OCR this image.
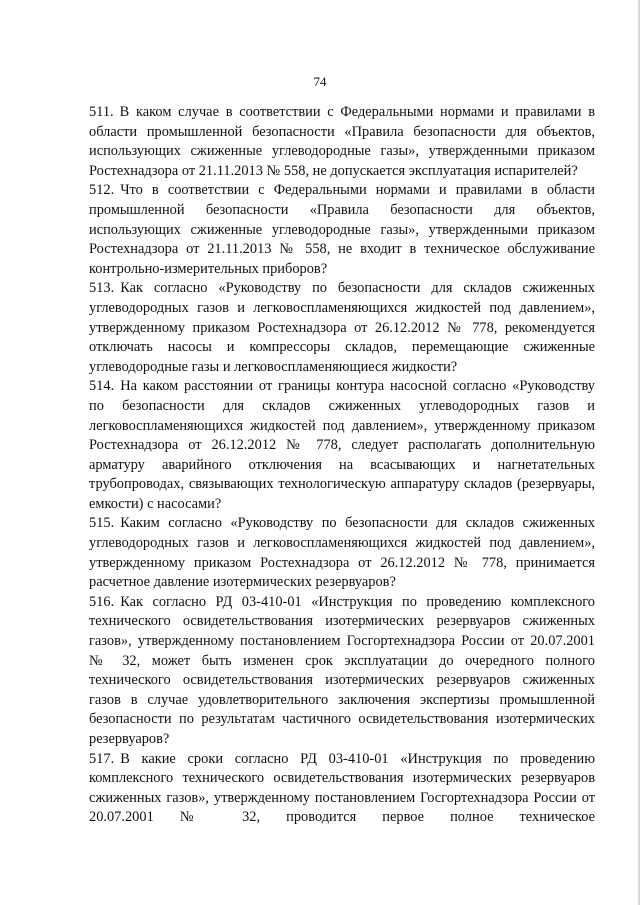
74

511. В каком случае в соответствии с Федеральными нормами и правилами в области промышленной безопасности «Правила безопасности для объектов, использующих сжиженные углеводородные газы», утвержденными приказом Ростехнадзора от 21.11.2013 № 558, не допускается эксплуатация испарителей?

512. Что в соответствии с Федеральными нормами и правилами в области промышленной безопасности «Правила безопасности для объектов, использующих сжиженные углеводородные газы», утвержденными приказом Ростехнадзора от 21.11.2013 № 558, не входит в техническое обслуживание контрольно-измерительных приборов?

513. Как согласно «Руководству по безопасности для складов сжиженных углеводородных газов и легковоспламеняющихся жидкостей под давлением», утвержденному приказом Ростехнадзора от 26.12.2012 № 778, рекомендуется отключать насосы и компрессоры складов, перемещающие сжиженные углеводородные газы и легковоспламеняющиеся жидкости?

514. На каком расстоянии от границы контура насосной согласно «Руководству по безопасности для складов сжиженных углеводородных газов и легковоспламеняющихся жидкостей под давлением», утвержденному приказом Ростехнадзора от 26.12.2012 № 778, следует располагать дополнительную арматуру аварийного отключения на всасывающих и нагнетательных трубопроводах, связывающих технологическую аппаратуру складов (резервуары, емкости) с насосами?

515. Каким согласно «Руководству по безопасности для складов сжиженных углеводородных газов и легковоспламеняющихся жидкостей под давлением», утвержденному приказом Ростехнадзора от 26.12.2012 № 778, принимается расчетное давление изотермических резервуаров?

516. Как согласно РД 03-410-01 «Инструкция по проведению комплексного технического освидетельствования изотермических резервуаров сжиженных газов», утвержденному постановлением Госгортехнадзора России от 20.07.2001 № 32, может быть изменен срок эксплуатации до очередного полного технического освидетельствования изотермических резервуаров сжиженных газов в случае удовлетворительного заключения экспертизы промышленной безопасности по результатам частичного освидетельствования изотермических резервуаров?

517. В какие сроки согласно РД 03-410-01 «Инструкция по проведению комплексного технического освидетельствования изотермических резервуаров сжиженных газов», утвержденному постановлением Госгортехнадзора России от 20.07.2001 № 32, проводится первое полное техническое
